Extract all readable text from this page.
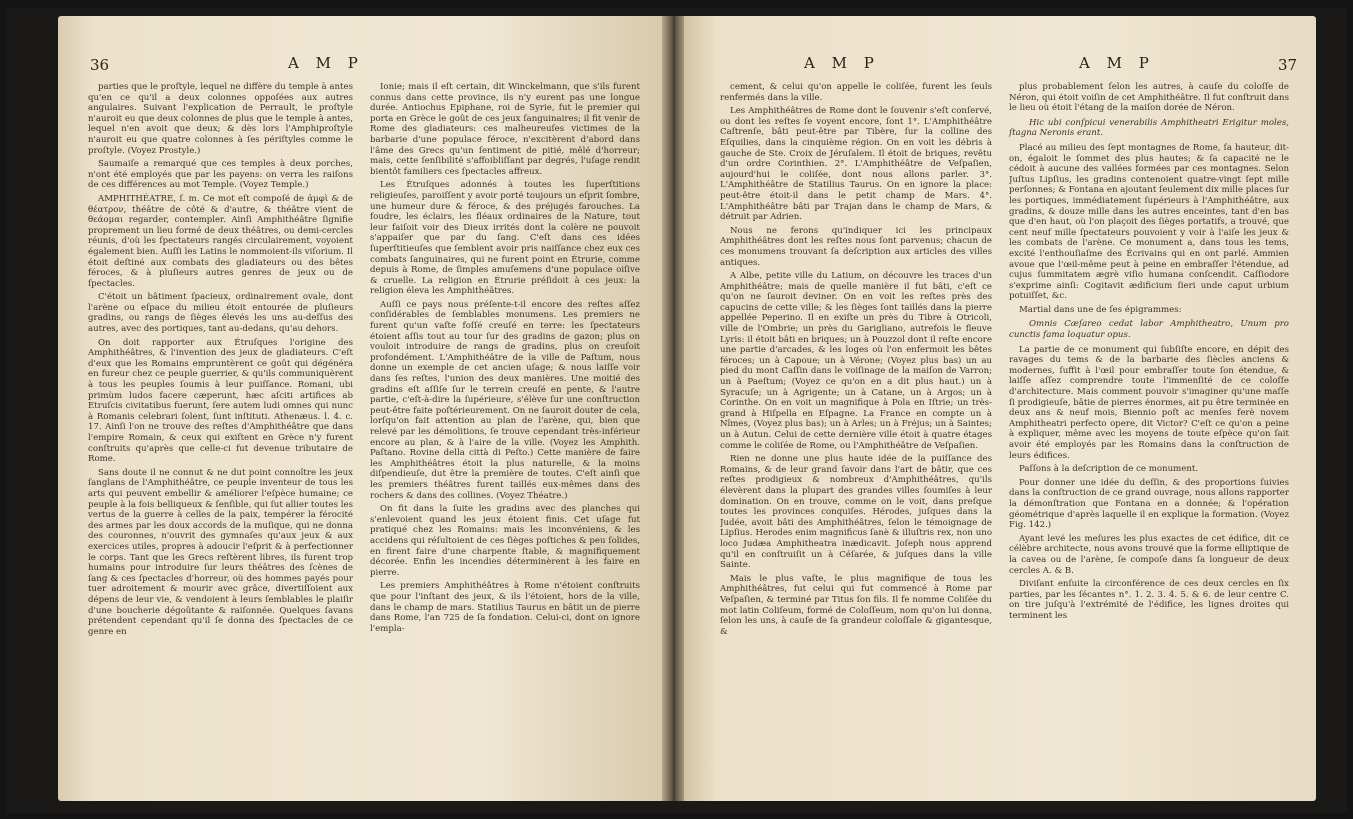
36	A M P

parties que le proſtyle, lequel ne diffère du temple à antes qu'en ce qu'il a deux colonnes oppoſées aux autres angulaires. Suivant l'explication de Perrault, le proſtyle n'auroit eu que deux colonnes de plus que le temple à antes, lequel n'en avoit que deux; & dès lors l'Amphiproſtyle n'auroit eu que quatre colonnes à ſes périſtyles comme le proſtyle. (Voyez Prostyle.)

Saumaiſe a remarqué que ces temples à deux porches, n'ont été employés que par les payens: on verra les raiſons de ces différences au mot Temple. (Voyez Temple.)

AMPHITHÉATRE, ſ. m. Ce mot eſt compoſé de ἀμφὶ & de θέατρον, théâtre de côté & d'autre, & théâtre vient de θεάομαι regarder, contempler. Ainſi Amphithéâtre ſignifie proprement un lieu formé de deux théâtres, ou demi-cercles réunis, d'où les ſpectateurs rangés circulairement, voyoient également bien. Auſſi les Latins le nommoient-ils viſorium. Il étoit deſtiné aux combats des gladiateurs ou des bêtes féroces, & à pluſieurs autres genres de jeux ou de ſpectacles.

C'étoit un bâtiment ſpacieux, ordinairement ovale, dont l'arène ou eſpace du milieu étoit entourée de pluſieurs gradins, ou rangs de ſièges élevés les uns au-deſſus des autres, avec des portiques, tant au-dedans, qu'au dehors.

On doit rapporter aux Étruſques l'origine des Amphithéâtres, & l'invention des jeux de gladiateurs. C'eſt d'eux que les Romains empruntèrent ce goût qui dégénéra en fureur chez ce peuple guerrier, & qu'ils communiquèrent à tous les peuples ſoumis à leur puiſſance. Romani, ubi primùm ludos facere cæperunt, hæc aſciti artifices ab Etruſcis civitatibus fuerunt, ſere autem ludi omnes qui nunc à Romanis celebrari ſolent, ſunt inſtituti. Athenæus. l. 4. c. 17. Ainſi l'on ne trouve des reſtes d'Amphithéâtre que dans l'empire Romain, & ceux qui exiſtent en Grèce n'y furent conſtruits qu'après que celle-ci fut devenue tributaire de Rome.

Sans doute il ne connut & ne dut point connoître les jeux ſanglans de l'Amphithéâtre, ce peuple inventeur de tous les arts qui peuvent embellir & améliorer l'eſpèce humaine; ce peuple à la fois belliqueux & ſenſible, qui ſut allier toutes les vertus de la guerre à celles de la paix, tempérer la férocité des armes par les doux accords de la muſique, qui ne donna des couronnes, n'ouvrit des gymnaſes qu'aux jeux & aux exercices utiles, propres à adoucir l'eſprit & à perfectionner le corps. Tant que les Grecs reſtèrent libres, ils furent trop humains pour introduire ſur leurs théâtres des ſcènes de ſang & ces ſpectacles d'horreur, où des hommes payés pour tuer adroitement & mourir avec grâce, divertiſſoient aux dépens de leur vie, & vendoient à leurs ſemblables le plaiſir d'une boucherie dégoûtante & raiſonnée. Quelques ſavans prétendent cependant qu'il ſe donna des ſpectacles de ce genre en

Ionie; mais il eſt certain, dit Winckelmann, que s'ils furent connus dans cette province, ils n'y eurent pas une longue durée. Antiochus Epiphane, roi de Syrie, fut le premier qui porta en Grèce le goût de ces jeux ſanguinaires; il fit venir de Rome des gladiateurs: ces malheureuſes victimes de la barbarie d'une populace féroce, n'excitèrent d'abord dans l'âme des Grecs qu'un ſentiment de pitié, mêlé d'horreur; mais, cette ſenſibilité s'affoibliſſant par degrés, l'uſage rendit bientôt familiers ces ſpectacles affreux.

Les Étruſques adonnés à toutes les ſuperſtitions religieuſes, paroiſſent y avoir porté toujours un eſprit ſombre, une humeur dure & féroce, & des préjugés farouches. La foudre, les éclairs, les fléaux ordinaires de la Nature, tout leur faiſoit voir des Dieux irrités dont la colère ne pouvoit s'appaiſer que par du ſang. C'eſt dans ces idées ſuperſtitieuſes que ſemblent avoir pris naiſſance chez eux ces combats ſanguinaires, qui ne furent point en Étrurie, comme depuis à Rome, de ſimples amuſemens d'une populace oiſive & cruelle. La religion en Étrurie préſidoit à ces jeux: la religion éleva les Amphithéâtres.

Auſſi ce pays nous préſente-t-il encore des reſtes aſſez conſidérables de ſemblables monumens. Les premiers ne furent qu'un vaſte foſſé creuſé en terre: les ſpectateurs étoient aſſis tout au tour ſur des gradins de gazon; plus on vouloit introduire de rangs de gradins, plus on creuſoit profondément. L'Amphithéâtre de la ville de Paſtum, nous donne un exemple de cet ancien uſage; & nous laiſſe voir dans ſes reſtes, l'union des deux manières. Une moitié des gradins eſt aſſiſe ſur le terrein creuſé en pente, & l'autre partie, c'eſt-à-dire la ſupérieure, s'élève ſur une conſtruction peut-être faite poſtérieurement. On ne ſauroit douter de cela, lorſqu'on fait attention au plan de l'arène, qui, bien que relevé par les démolitions, ſe trouve cependant très-inférieur encore au plan, & à l'aire de la ville. (Voyez les Amphith. Paſtano. Rovine della città di Peſto.) Cette manière de faire les Amphithéâtres étoit la plus naturelle, & la moins diſpendieuſe, dut être la première de toutes. C'eſt ainſi que les premiers théâtres furent taillés eux-mêmes dans des rochers & dans des collines. (Voyez Théatre.)

On fit dans la ſuite les gradins avec des planches qui s'enlevoient quand les jeux étoient finis. Cet uſage fut pratiqué chez les Romains: mais les inconvéniens, & les accidens qui réſultoient de ces ſièges poſtiches & peu ſolides, en firent faire d'une charpente ſtable, & magnifiquement décorée. Enfin les incendies déterminèrent à les faire en pierre.

Les premiers Amphithéâtres à Rome n'étoient conſtruits que pour l'inſtant des jeux, & ils l'étoient, hors de la ville, dans le champ de mars. Statilius Taurus en bâtit un de pierre dans Rome, l'an 725 de ſa fondation. Celui-ci, dont on ignore l'empla-

A M P	A M P	37

cement, & celui qu'on appelle le coliſée, furent les ſeuls renfermés dans la ville.

Les Amphithéâtres de Rome dont le ſouvenir s'eſt conſervé, ou dont les reſtes ſe voyent encore, ſont 1°. L'Amphithéâtre Caſtrenſe, bâti peut-être par Tibère, ſur la colline des Eſquilies, dans la cinquième région. On en voit les débris à gauche de Ste. Croix de Jéruſalem. Il étoit de briques, revêtu d'un ordre Corinthien. 2°. L'Amphithéâtre de Veſpaſien, aujourd'hui le coliſée, dont nous allons parler. 3°. L'Amphithéâtre de Statilius Taurus. On en ignore la place: peut-être étoit-il dans le petit champ de Mars. 4°. L'Amphithéâtre bâti par Trajan dans le champ de Mars, & détruit par Adrien.

Nous ne ferons qu'indiquer ici les principaux Amphithéâtres dont les reſtes nous ſont parvenus; chacun de ces monumens trouvant ſa deſcription aux articles des villes antiques.

A Albe, petite ville du Latium, on découvre les traces d'un Amphithéâtre; mais de quelle manière il fut bâti, c'eſt ce qu'on ne ſauroit deviner. On en voit les reſtes près des capucins de cette ville; & les ſièges ſont taillés dans la pierre appellée Peperino. Il en exiſte un près du Tibre à Otricoli, ville de l'Ombrie; un près du Garigliano, autrefois le fleuve Lyris: il étoit bâti en briques; un à Pouzzol dont il reſte encore une partie d'arcades, & les loges où l'on enfermoit les bêtes féroces; un à Capoue; un à Vérone; (Voyez plus bas) un au pied du mont Caſſin dans le voiſinage de la maiſon de Varron; un à Paeſtum; (Voyez ce qu'on en a dit plus haut.) un à Syracuſe; un à Agrigente; un à Catane, un à Argos; un à Corinthe. On en voit un magnifique à Pola en Iſtrie; un très-grand à Hiſpella en Eſpagne. La France en compte un à Nîmes, (Voyez plus bas); un à Arles; un à Fréjus; un à Saintes; un à Autun. Celui de cette dernière ville étoit à quatre étages comme le coliſée de Rome, ou l'Amphithéâtre de Veſpaſien.

Rien ne donne une plus haute idée de la puiſſance des Romains, & de leur grand ſavoir dans l'art de bâtir, que ces reſtes prodigieux & nombreux d'Amphithéâtres, qu'ils élevèrent dans la plupart des grandes villes ſoumiſes à leur domination. On en trouve, comme on le voit, dans preſque toutes les provinces conquiſes. Hérodes, juſques dans la Judée, avoit bâti des Amphithéâtres, ſelon le témoignage de Lipſius. Herodes enim magnificus ſanè & illuſtris rex, non uno loco Judæa Amphitheatra inædicavit. Joſeph nous apprend qu'il en conſtruiſit un à Céſarée, & juſques dans la ville Sainte.

Mais le plus vaſte, le plus magnifique de tous les Amphithéâtres, fut celui qui fut commencé à Rome par Veſpaſien, & terminé par Titus ſon fils. Il fe nomme Coliſée du mot latin Coliſeum, formé de Coloſſeum, nom qu'on lui donna, ſelon les uns, à cauſe de ſa grandeur coloſſale & gigantesque, &

plus probablement ſelon les autres, à cauſe du coloſſe de Néron, qui étoit voiſin de cet Amphithéâtre. Il fut conſtruit dans le lieu où étoit l'étang de la maiſon dorée de Néron.

Hic ubi conſpicui venerabilis Amphitheatri Erigitur moles, ſtagna Neronis erant.

Placé au milieu des ſept montagnes de Rome, ſa hauteur, dit-on, égaloit le ſommet des plus hautes; & ſa capacité ne le cédoit à aucune des vallées formées par ces montagnes. Selon Juſtus Lipſius, les gradins contenoient quatre-vingt ſept mille perſonnes; & Fontana en ajoutant ſeulement dix mille places ſur les portiques, immédiatement ſupérieurs à l'Amphithéâtre, aux gradins, & douze mille dans les autres enceintes, tant d'en bas que d'en haut, où l'on plaçoit des ſièges portatifs, a trouvé, que cent neuf mille ſpectateurs pouvoient y voir à l'aiſe les jeux & les combats de l'arène. Ce monument a, dans tous les tems, excité l'enthouſiaſme des Écrivains qui en ont parlé. Ammien avoue que l'œil-même peut à peine en embraſſer l'étendue, ad cujus ſummitatem ægrè viſio humana conſcendit. Caſſiodore s'exprime ainſi: Cogitavit ædificium ſieri unde caput urbium potuiſſet, &c.

Martial dans une de ſes épigrammes:

Omnis Cæſareo cedat labor Amphitheatro, Unum pro cunctis fama loquatur opus.

La partie de ce monument qui ſubſiſte encore, en dépit des ravages du tems & de la barbarie des ſiècles anciens & modernes, ſuffit à l'œil pour embraſſer toute ſon étendue, & laiſſe aſſez comprendre toute l'immenſité de ce coloſſe d'architecture. Mais comment pouvoir s'imaginer qu'une maſſe ſi prodigieuſe, bâtie de pierres énormes, ait pu être terminée en deux ans & neuf mois, Biennio poſt ac menſes ferè novem Amphitheatri perfecto opere, dit Victor? C'eſt ce qu'on a peine à expliquer, même avec les moyens de toute eſpèce qu'on ſait avoir été employés par les Romains dans la conſtruction de leurs édifices.

Paſſons à la deſcription de ce monument.

Pour donner une idée du deſſin, & des proportions ſuivies dans la conſtruction de ce grand ouvrage, nous allons rapporter la démonſtration que Fontana en a donnée; & l'opération géométrique d'après laquelle il en explique la formation. (Voyez Fig. 142.)

Ayant levé les meſures les plus exactes de cet édifice, dit ce célèbre architecte, nous avons trouvé que la forme elliptique de la cavea ou de l'arène, ſe compoſe dans ſa longueur de deux cercles A. & B.

Diviſant enſuite la circonférence de ces deux cercles en ſix parties, par les ſécantes n°. 1. 2. 3. 4. 5. & 6. de leur centre C. on tire juſqu'à l'extrémité de l'édifice, les lignes droites qui terminent les
